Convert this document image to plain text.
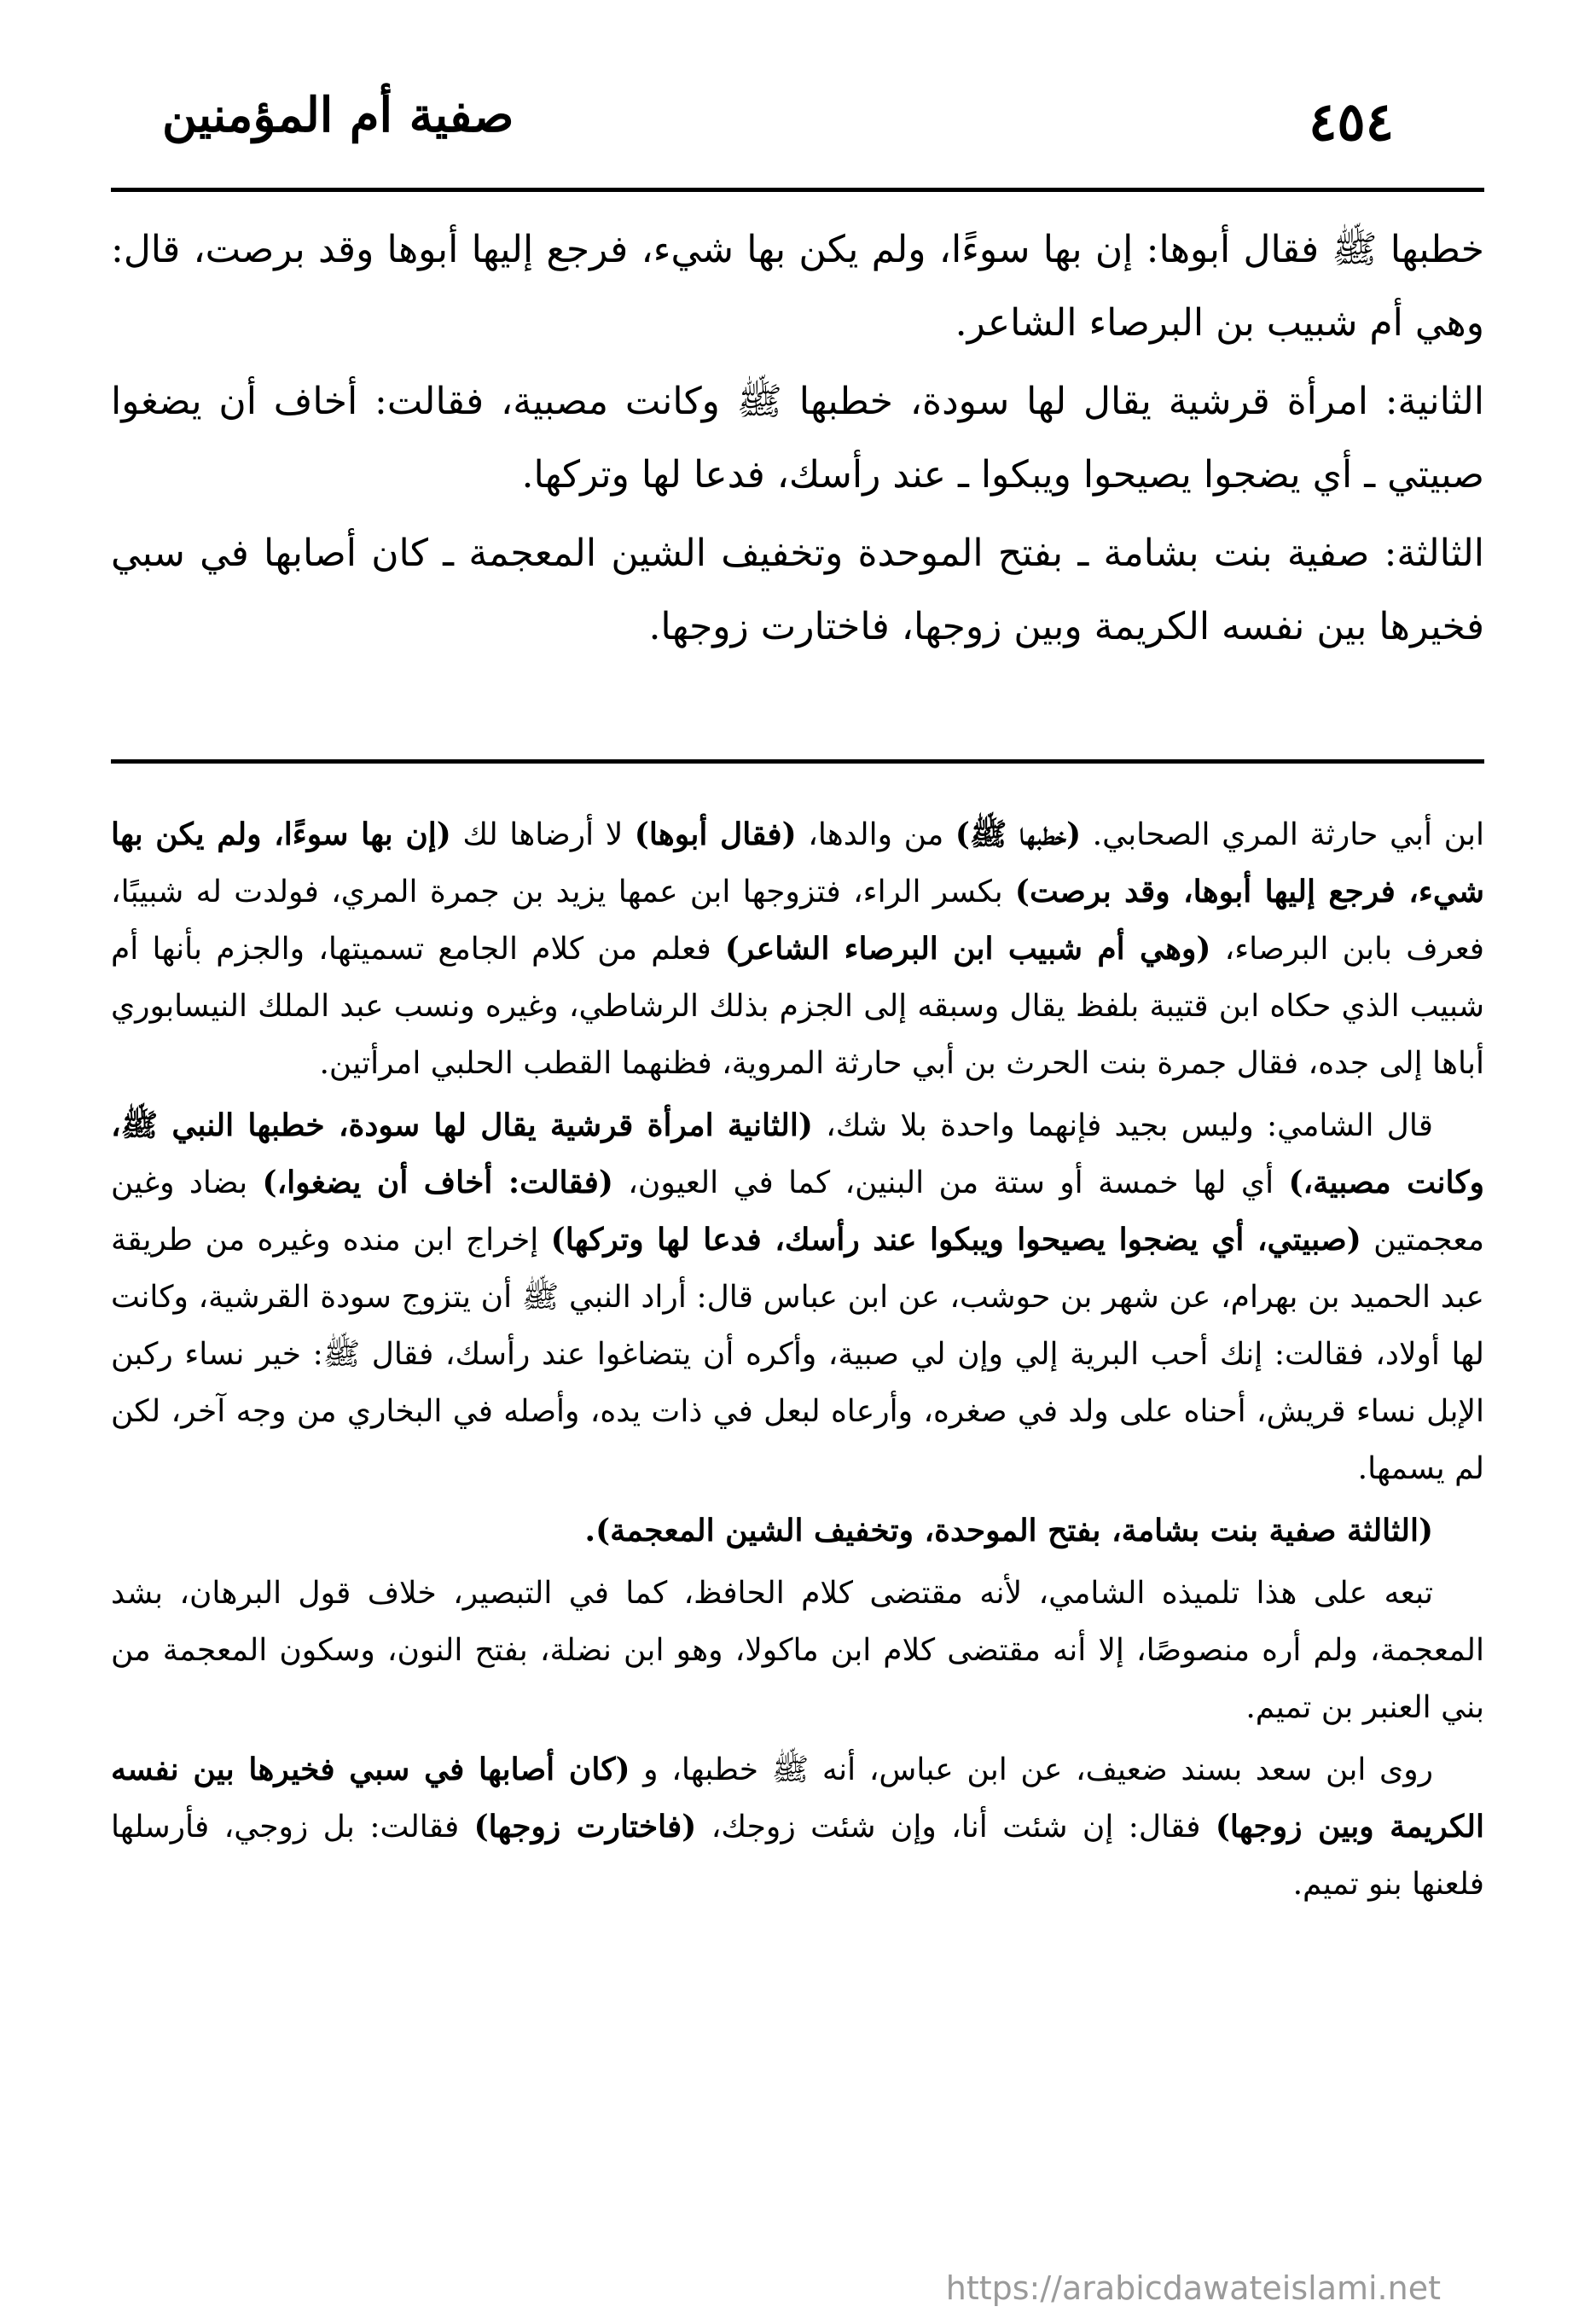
٤٥٤
صفية أم المؤمنين

خطبها ﷺ فقال أبوها: إن بها سوءًا، ولم يكن بها شيء، فرجع إليها أبوها وقد برصت، قال: وهي أم شبيب بن البرصاء الشاعر.

الثانية: امرأة قرشية يقال لها سودة، خطبها ﷺ وكانت مصبية، فقالت: أخاف أن يضغوا صبيتي ـ أي يضجوا يصيحوا ويبكوا ـ عند رأسك، فدعا لها وتركها.

الثالثة: صفية بنت بشامة ـ بفتح الموحدة وتخفيف الشين المعجمة ـ كان أصابها في سبي فخيرها بين نفسه الكريمة وبين زوجها، فاختارت زوجها.

ابن أبي حارثة المري الصحابي. (خطبها ﷺ) من والدها، (فقال أبوها) لا أرضاها لك (إن بها سوءًا، ولم يكن بها شيء، فرجع إليها أبوها، وقد برصت) بكسر الراء، فتزوجها ابن عمها يزيد بن جمرة المري، فولدت له شبيبًا، فعرف بابن البرصاء، (وهي أم شبيب ابن البرصاء الشاعر) فعلم من كلام الجامع تسميتها، والجزم بأنها أم شبيب الذي حكاه ابن قتيبة بلفظ يقال وسبقه إلى الجزم بذلك الرشاطي، وغيره ونسب عبد الملك النيسابوري أباها إلى جده، فقال جمرة بنت الحرث بن أبي حارثة المروية، فظنهما القطب الحلبي امرأتين.

قال الشامي: وليس بجيد فإنهما واحدة بلا شك، (الثانية امرأة قرشية يقال لها سودة، خطبها النبي ﷺ، وكانت مصبية،) أي لها خمسة أو ستة من البنين، كما في العيون، (فقالت: أخاف أن يضغوا،) بضاد وغين معجمتين (صبيتي، أي يضجوا يصيحوا ويبكوا عند رأسك، فدعا لها وتركها) إخراج ابن منده وغيره من طريقة عبد الحميد بن بهرام، عن شهر بن حوشب، عن ابن عباس قال: أراد النبي ﷺ أن يتزوج سودة القرشية، وكانت لها أولاد، فقالت: إنك أحب البرية إلي وإن لي صبية، وأكره أن يتضاغوا عند رأسك، فقال ﷺ: خير نساء ركبن الإبل نساء قريش، أحناه على ولد في صغره، وأرعاه لبعل في ذات يده، وأصله في البخاري من وجه آخر، لكن لم يسمها.

(الثالثة صفية بنت بشامة، بفتح الموحدة، وتخفيف الشين المعجمة).

تبعه على هذا تلميذه الشامي، لأنه مقتضى كلام الحافظ، كما في التبصير، خلاف قول البرهان، بشد المعجمة، ولم أره منصوصًا، إلا أنه مقتضى كلام ابن ماكولا، وهو ابن نضلة، بفتح النون، وسكون المعجمة من بني العنبر بن تميم.

روى ابن سعد بسند ضعيف، عن ابن عباس، أنه ﷺ خطبها، و (كان أصابها في سبي فخيرها بين نفسه الكريمة وبين زوجها) فقال: إن شئت أنا، وإن شئت زوجك، (فاختارت زوجها) فقالت: بل زوجي، فأرسلها فلعنها بنو تميم.

https://arabicdawateislami.net
